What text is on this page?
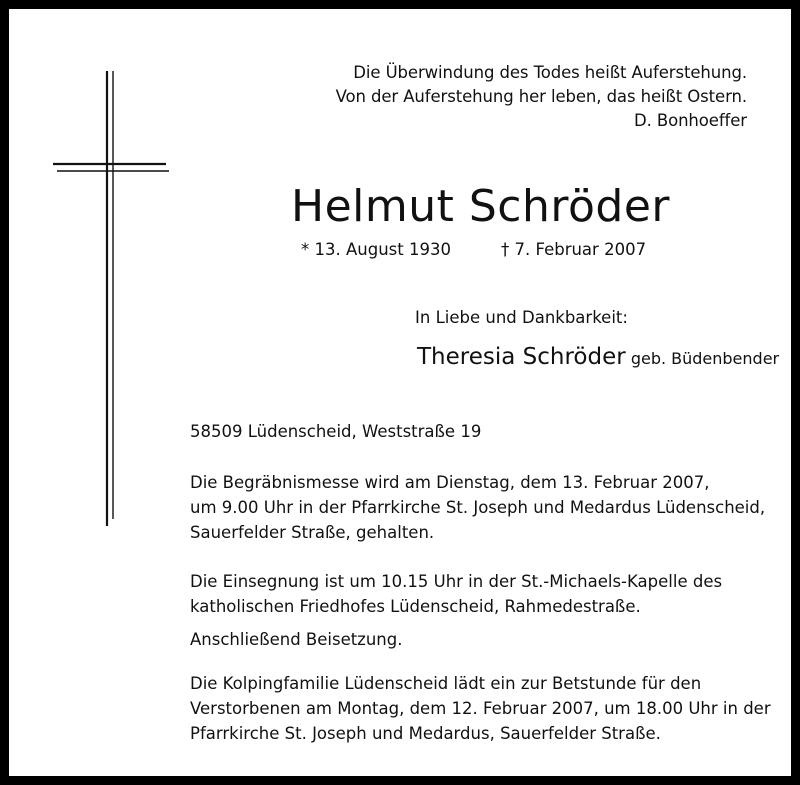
Die Überwindung des Todes heißt Auferstehung.
Von der Auferstehung her leben, das heißt Ostern.
D. Bonhoeffer
Helmut Schröder
* 13. August 1930	† 7. Februar 2007
In Liebe und Dankbarkeit:
Theresia Schröder geb. Büdenbender
58509 Lüdenscheid, Weststraße 19
Die Begräbnismesse wird am Dienstag, dem 13. Februar 2007,
um 9.00 Uhr in der Pfarrkirche St. Joseph und Medardus Lüdenscheid,
Sauerfelder Straße, gehalten.
Die Einsegnung ist um 10.15 Uhr in der St.-Michaels-Kapelle des
katholischen Friedhofes Lüdenscheid, Rahmedestraße.
Anschließend Beisetzung.
Die Kolpingfamilie Lüdenscheid lädt ein zur Betstunde für den
Verstorbenen am Montag, dem 12. Februar 2007, um 18.00 Uhr in der
Pfarrkirche St. Joseph und Medardus, Sauerfelder Straße.
